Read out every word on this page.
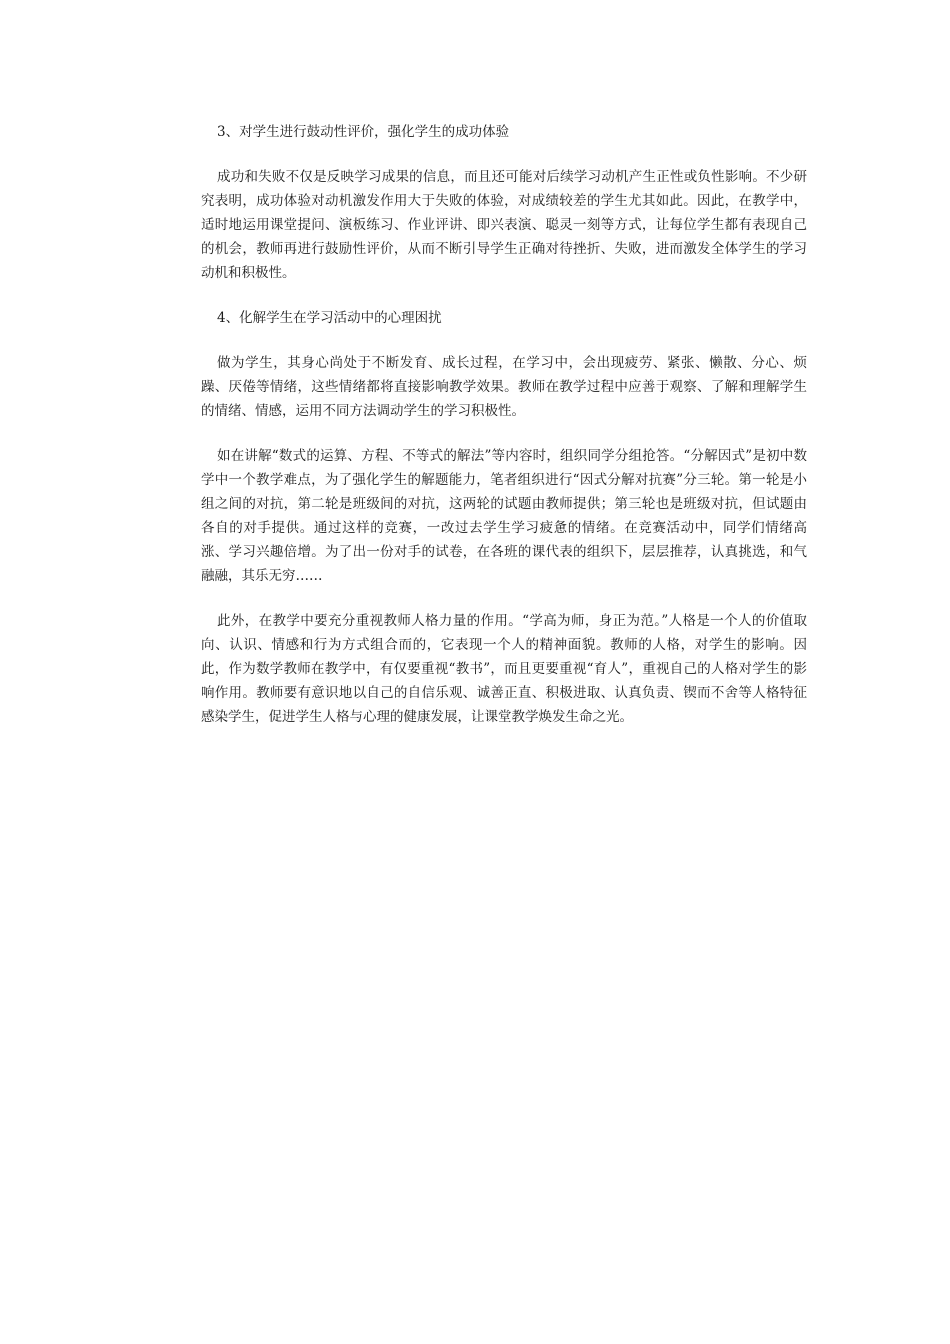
3、对学生进行鼓动性评价，强化学生的成功体验

成功和失败不仅是反映学习成果的信息，而且还可能对后续学习动机产生正性或负性影响。不少研究表明，成功体验对动机激发作用大于失败的体验，对成绩较差的学生尤其如此。因此，在教学中，适时地运用课堂提问、演板练习、作业评讲、即兴表演、聪灵一刻等方式，让每位学生都有表现自己的机会，教师再进行鼓励性评价，从而不断引导学生正确对待挫折、失败，进而激发全体学生的学习动机和积极性。

4、化解学生在学习活动中的心理困扰

做为学生，其身心尚处于不断发育、成长过程，在学习中，会出现疲劳、紧张、懒散、分心、烦躁、厌倦等情绪，这些情绪都将直接影响教学效果。教师在教学过程中应善于观察、了解和理解学生的情绪、情感，运用不同方法调动学生的学习积极性。

如在讲解“数式的运算、方程、不等式的解法”等内容时，组织同学分组抢答。“分解因式”是初中数学中一个教学难点，为了强化学生的解题能力，笔者组织进行“因式分解对抗赛”分三轮。第一轮是小组之间的对抗，第二轮是班级间的对抗，这两轮的试题由教师提供；第三轮也是班级对抗，但试题由各自的对手提供。通过这样的竞赛，一改过去学生学习疲惫的情绪。在竞赛活动中，同学们情绪高涨、学习兴趣倍增。为了出一份对手的试卷，在各班的课代表的组织下，层层推荐，认真挑选，和气融融，其乐无穷……

此外，在教学中要充分重视教师人格力量的作用。“学高为师，身正为范。”人格是一个人的价值取向、认识、情感和行为方式组合而的，它表现一个人的精神面貌。教师的人格，对学生的影响。因此，作为数学教师在教学中，有仅要重视“教书”，而且更要重视“育人”，重视自己的人格对学生的影响作用。教师要有意识地以自己的自信乐观、诚善正直、积极进取、认真负责、锲而不舍等人格特征感染学生，促进学生人格与心理的健康发展，让课堂教学焕发生命之光。
